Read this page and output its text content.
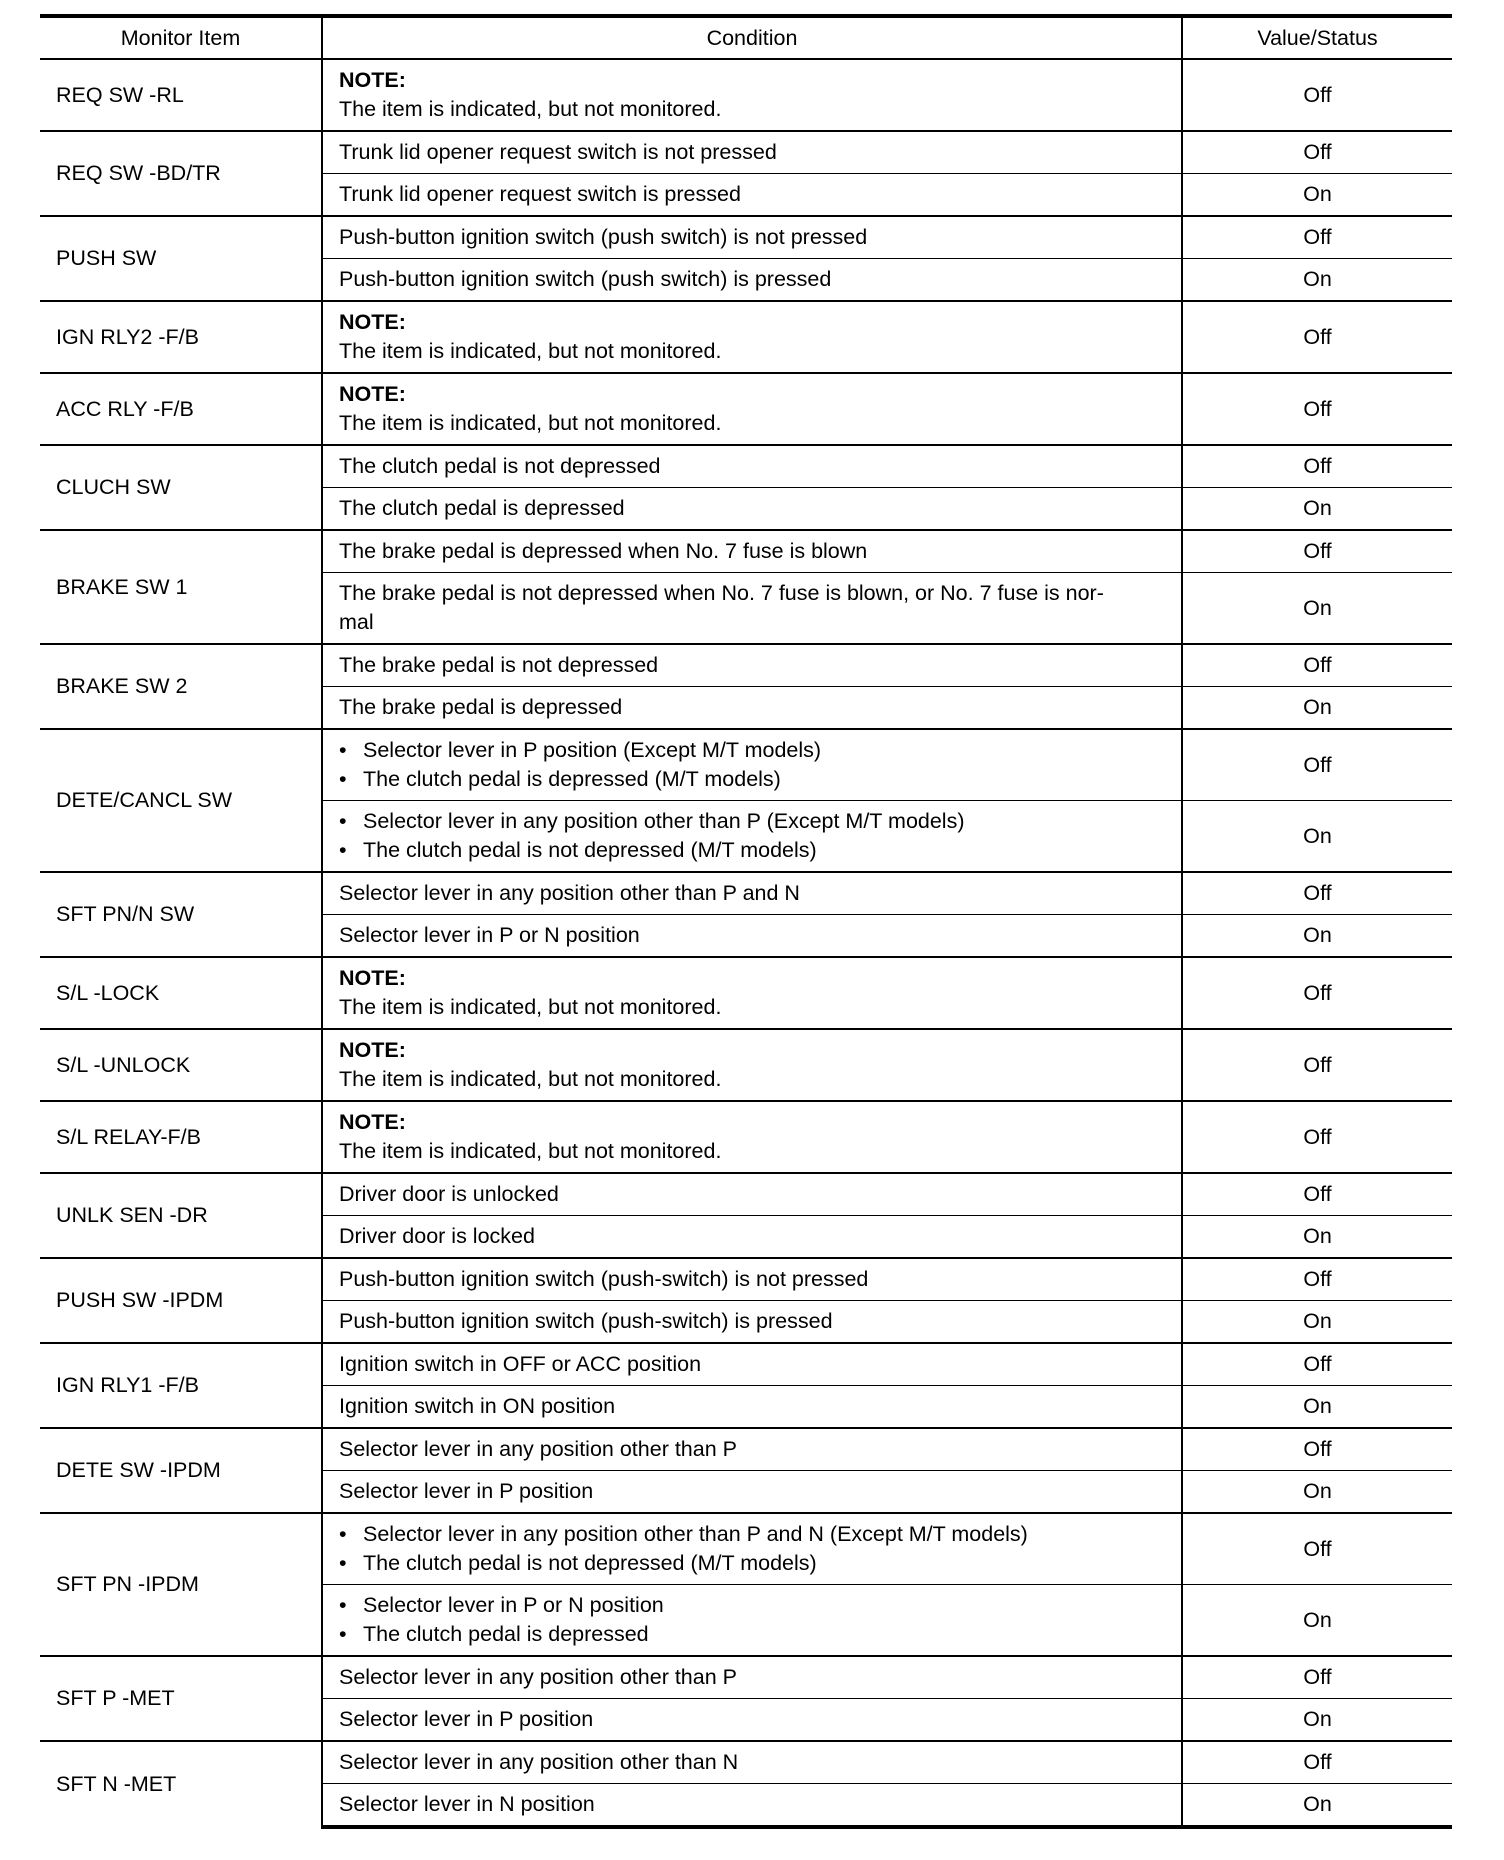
Monitor Item	Condition	Value/Status
REQ SW -RL	NOTE:
The item is indicated, but not monitored.	Off
REQ SW -BD/TR	Trunk lid opener request switch is not pressed	Off
	Trunk lid opener request switch is pressed	On
PUSH SW	Push-button ignition switch (push switch) is not pressed	Off
	Push-button ignition switch (push switch) is pressed	On
IGN RLY2 -F/B	NOTE:
The item is indicated, but not monitored.	Off
ACC RLY -F/B	NOTE:
The item is indicated, but not monitored.	Off
CLUCH SW	The clutch pedal is not depressed	Off
	The clutch pedal is depressed	On
BRAKE SW 1	The brake pedal is depressed when No. 7 fuse is blown	Off
	The brake pedal is not depressed when No. 7 fuse is blown, or No. 7 fuse is nor-
mal	On
BRAKE SW 2	The brake pedal is not depressed	Off
	The brake pedal is depressed	On
DETE/CANCL SW	• Selector lever in P position (Except M/T models)
• The clutch pedal is depressed (M/T models)	Off

	• Selector lever in any position other than P (Except M/T models)
• The clutch pedal is not depressed (M/T models)	On
SFT PN/N SW	Selector lever in any position other than P and N	Off
	Selector lever in P or N position	On
S/L -LOCK	NOTE:
The item is indicated, but not monitored.	Off
S/L -UNLOCK	NOTE:
The item is indicated, but not monitored.	Off
S/L RELAY-F/B	NOTE:
The item is indicated, but not monitored.	Off
UNLK SEN -DR	Driver door is unlocked	Off
	Driver door is locked	On
PUSH SW -IPDM	Push-button ignition switch (push-switch) is not pressed	Off
	Push-button ignition switch (push-switch) is pressed	On
IGN RLY1 -F/B	Ignition switch in OFF or ACC position	Off
	Ignition switch in ON position	On
DETE SW -IPDM	Selector lever in any position other than P	Off
	Selector lever in P position	On
SFT PN -IPDM	• Selector lever in any position other than P and N (Except M/T models)
• The clutch pedal is not depressed (M/T models)	Off

	• Selector lever in P or N position
• The clutch pedal is depressed	On
SFT P -MET	Selector lever in any position other than P	Off
	Selector lever in P position	On
SFT N -MET	Selector lever in any position other than N	Off
	Selector lever in N position	On
